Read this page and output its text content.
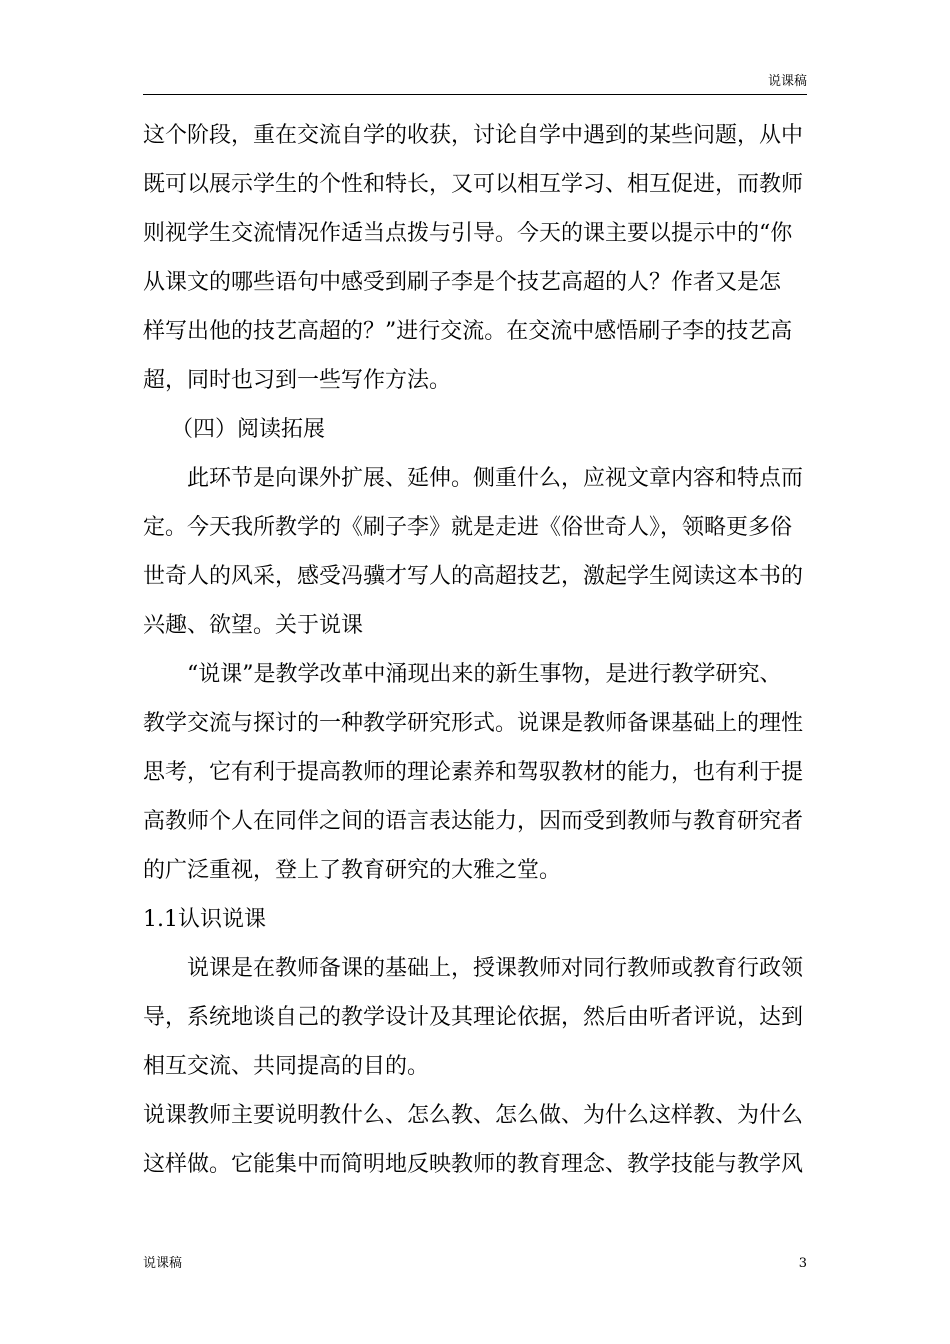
说课稿
这个阶段，重在交流自学的收获，讨论自学中遇到的某些问题，从中
既可以展示学生的个性和特长，又可以相互学习、相互促进，而教师
则视学生交流情况作适当点拨与引导。今天的课主要以提示中的“你
从课文的哪些语句中感受到刷子李是个技艺高超的人？作者又是怎
样写出他的技艺高超的？”进行交流。在交流中感悟刷子李的技艺高
超，同时也习到一些写作方法。
（四）阅读拓展
此环节是向课外扩展、延伸。侧重什么，应视文章内容和特点而
定。今天我所教学的《刷子李》就是走进《俗世奇人》，领略更多俗
世奇人的风采，感受冯骥才写人的高超技艺，激起学生阅读这本书的
兴趣、欲望。关于说课
“说课”是教学改革中涌现出来的新生事物，是进行教学研究、
教学交流与探讨的一种教学研究形式。说课是教师备课基础上的理性
思考，它有利于提高教师的理论素养和驾驭教材的能力，也有利于提
高教师个人在同伴之间的语言表达能力，因而受到教师与教育研究者
的广泛重视，登上了教育研究的大雅之堂。
1.1认识说课
说课是在教师备课的基础上，授课教师对同行教师或教育行政领
导，系统地谈自己的教学设计及其理论依据，然后由听者评说，达到
相互交流、共同提高的目的。
说课教师主要说明教什么、怎么教、怎么做、为什么这样教、为什么
这样做。它能集中而简明地反映教师的教育理念、教学技能与教学风
说课稿	3
